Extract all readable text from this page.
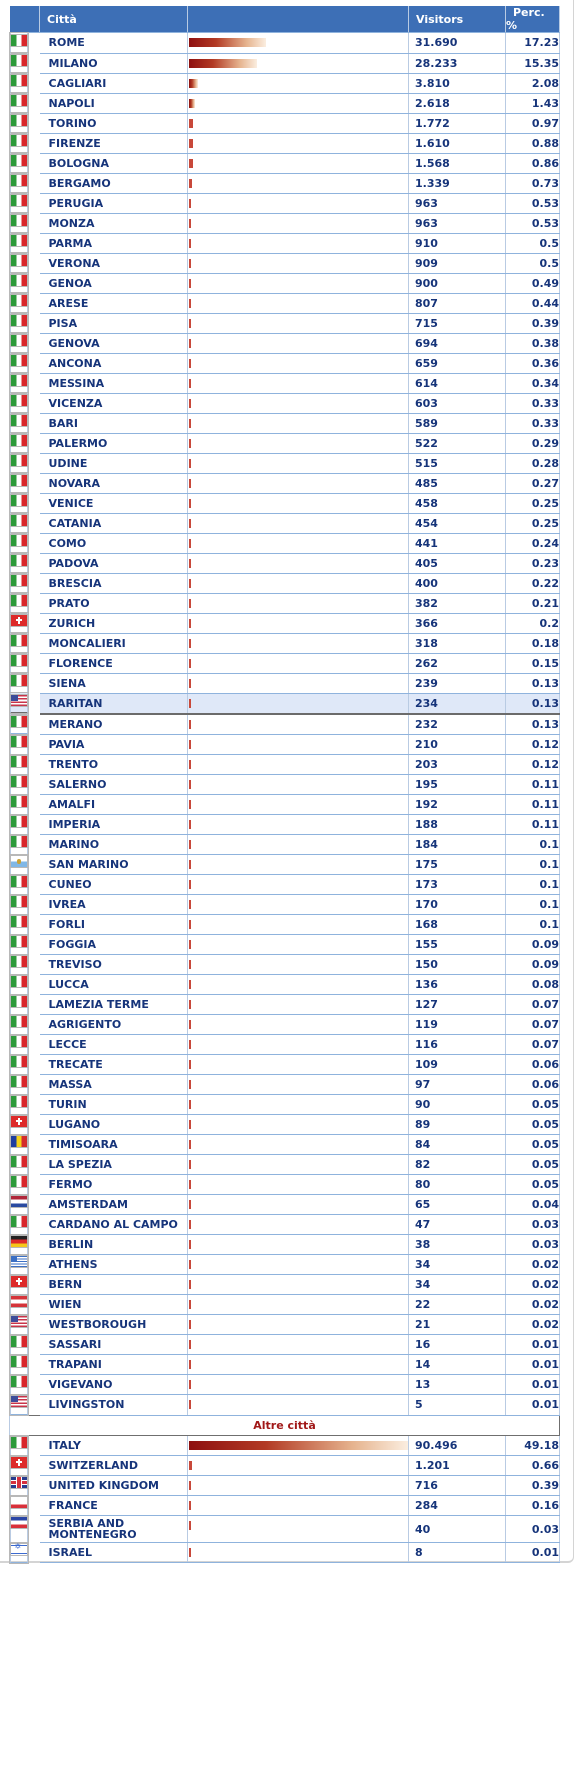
	Città		Visitors	Perc. %
ROME		31.690	17.23
MILANO		28.233	15.35
CAGLIARI		3.810	2.08
NAPOLI		2.618	1.43
TORINO		1.772	0.97
FIRENZE		1.610	0.88
BOLOGNA		1.568	0.86
BERGAMO		1.339	0.73
PERUGIA		963	0.53
MONZA		963	0.53
PARMA		910	0.5
VERONA		909	0.5
GENOA		900	0.49
ARESE		807	0.44
PISA		715	0.39
GENOVA		694	0.38
ANCONA		659	0.36
MESSINA		614	0.34
VICENZA		603	0.33
BARI		589	0.33
PALERMO		522	0.29
UDINE		515	0.28
NOVARA		485	0.27
VENICE		458	0.25
CATANIA		454	0.25
COMO		441	0.24
PADOVA		405	0.23
BRESCIA		400	0.22
PRATO		382	0.21
ZURICH		366	0.2
MONCALIERI		318	0.18
FLORENCE		262	0.15
SIENA		239	0.13
RARITAN		234	0.13
MERANO		232	0.13
PAVIA		210	0.12
TRENTO		203	0.12
SALERNO		195	0.11
AMALFI		192	0.11
IMPERIA		188	0.11
MARINO		184	0.1
SAN MARINO		175	0.1
CUNEO		173	0.1
IVREA		170	0.1
FORLI		168	0.1
FOGGIA		155	0.09
TREVISO		150	0.09
LUCCA		136	0.08
LAMEZIA TERME		127	0.07
AGRIGENTO		119	0.07
LECCE		116	0.07
TRECATE		109	0.06
MASSA		97	0.06
TURIN		90	0.05
LUGANO		89	0.05
TIMISOARA		84	0.05
LA SPEZIA		82	0.05
FERMO		80	0.05
AMSTERDAM		65	0.04
CARDANO AL CAMPO		47	0.03
BERLIN		38	0.03
ATHENS		34	0.02
BERN		34	0.02
WIEN		22	0.02
WESTBOROUGH		21	0.02
SASSARI		16	0.01
TRAPANI		14	0.01
VIGEVANO		13	0.01
LIVINGSTON		5	0.01
Altre città				
ITALY		90.496	49.18
SWITZERLAND		1.201	0.66
UNITED KINGDOM		716	0.39
FRANCE		284	0.16
SERBIA AND MONTENEGRO		40	0.03
✡ISRAEL		8	0.01
